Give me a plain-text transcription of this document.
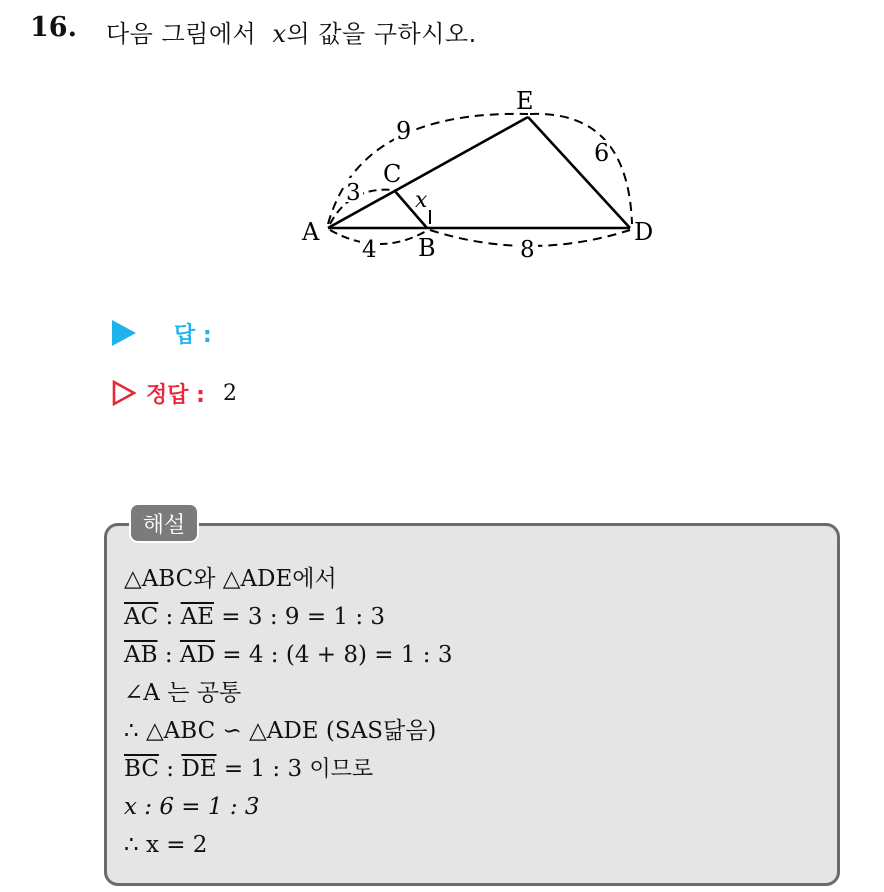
16. 다음 그림에서 x의 값을 구하시오.
A
B
C
D
E
9
6
3 x
4	8
답 :
정답 : 2
해설
△ABC와 △ADE에서
$\overline{AC}$ : $\overline{AE} = 3$ : 9 = 1 : 3
$\overline{AB}$ : $\overline{AD} = 4$ : (4 + 8) = 1 : 3
∠A 는 공통
∴ △ABC ∽ △ADE (SAS닮음)
$\overline{BC}$ : $\overline{DE} = 1$ : 3 이므로
x : 6 = 1 : 3
∴ x = 2
